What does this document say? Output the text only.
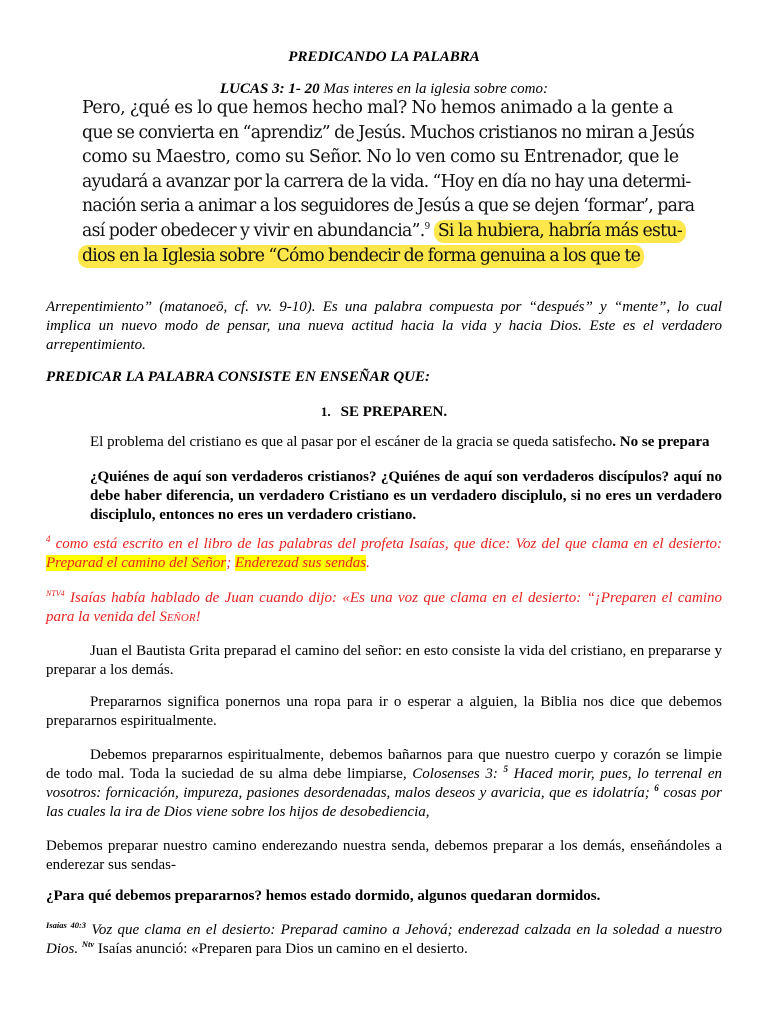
PREDICANDO LA PALABRA
LUCAS 3: 1- 20 Mas interes en la iglesia sobre como:
Pero, ¿qué es lo que hemos hecho mal? No hemos animado a la gente a
que se convierta en “aprendiz” de Jesús. Muchos cristianos no miran a Jesús
como su Maestro, como su Señor. No lo ven como su Entrenador, que le
ayudará a avanzar por la carrera de la vida. “Hoy en día no hay una determi-
nación seria a animar a los seguidores de Jesús a que se dejen ‘formar’, para
así poder obedecer y vivir en abundancia”.$^9$ Si la hubiera, habría más estu-
dios en la Iglesia sobre “Cómo bendecir de forma genuina a los que te
Arrepentimiento” (matanoeō, cf. vv. 9-10). Es una palabra compuesta por “después” y “mente”, lo cual implica un nuevo modo de pensar, una nueva actitud hacia la vida y hacia Dios. Este es el verdadero arrepentimiento.
PREDICAR LA PALABRA CONSISTE EN ENSEÑAR QUE:
1. SE PREPAREN.
El problema del cristiano es que al pasar por el escáner de la gracia se queda satisfecho. No se prepara
¿Quiénes de aquí son verdaderos cristianos? ¿Quiénes de aquí son verdaderos discípulos? aquí no debe haber diferencia, un verdadero Cristiano es un verdadero disciplulo, si no eres un verdadero disciplulo, entonces no eres un verdadero cristiano.
$^4$ como está escrito en el libro de las palabras del profeta Isaías, que dice: Voz del que clama en el desierto: Preparad el camino del Señor; Enderezad sus sendas.
$^{NTV4}$ Isaías había hablado de Juan cuando dijo: «Es una voz que clama en el desierto: “¡Preparen el camino para la venida del SEÑOR!
Juan el Bautista Grita preparad el camino del señor: en esto consiste la vida del cristiano, en prepararse y preparar a los demás.
Prepararnos significa ponernos una ropa para ir o esperar a alguien, la Biblia nos dice que debemos prepararnos espiritualmente.
Debemos prepararnos espiritualmente, debemos bañarnos para que nuestro cuerpo y corazón se limpie de todo mal. Toda la suciedad de su alma debe limpiarse, Colosenses 3: $^5$ Haced morir, pues, lo terrenal en vosotros: fornicación, impureza, pasiones desordenadas, malos deseos y avaricia, que es idolatría; $^6$ cosas por las cuales la ira de Dios viene sobre los hijos de desobediencia,
Debemos preparar nuestro camino enderezando nuestra senda, debemos preparar a los demás, enseñándoles a enderezar sus sendas-
¿Para qué debemos prepararnos? hemos estado dormido, algunos quedaran dormidos.
$^{Isaías 40:3}$ Voz que clama en el desierto: Preparad camino a Jehová; enderezad calzada en la soledad a nuestro Dios. $^{Ntv}$ Isaías anunció: «Preparen para Dios un camino en el desierto.
